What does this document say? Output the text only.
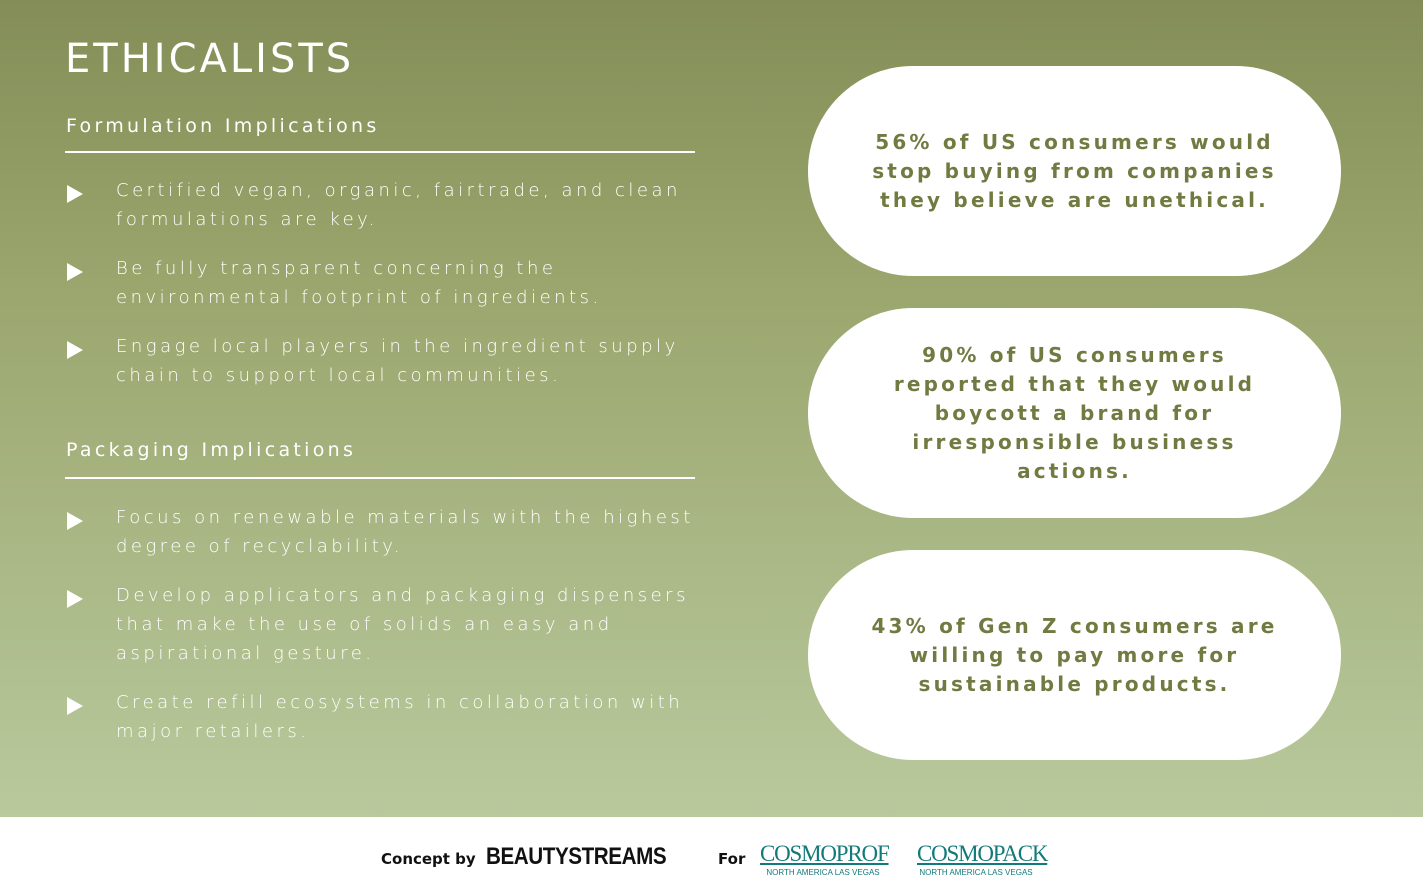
ETHICALISTS
Formulation Implications
Certified vegan, organic, fairtrade, and clean formulations are key.
Be fully transparent concerning the environmental footprint of ingredients.
Engage local players in the ingredient supply chain to support local communities.
Packaging Implications
Focus on renewable materials with the highest degree of recyclability.
Develop applicators and packaging dispensers that make the use of solids an easy and aspirational gesture.
Create refill ecosystems in collaboration with major retailers.
56% of US consumers would stop buying from companies they believe are unethical.
90% of US consumers reported that they would boycott a brand for irresponsible business actions.
43% of Gen Z consumers are willing to pay more for sustainable products.
Concept by BEAUTYSTREAMS	For COSMOPROF
NORTH AMERICA LAS VEGAS
COSMOPACK
NORTH AMERICA LAS VEGAS
